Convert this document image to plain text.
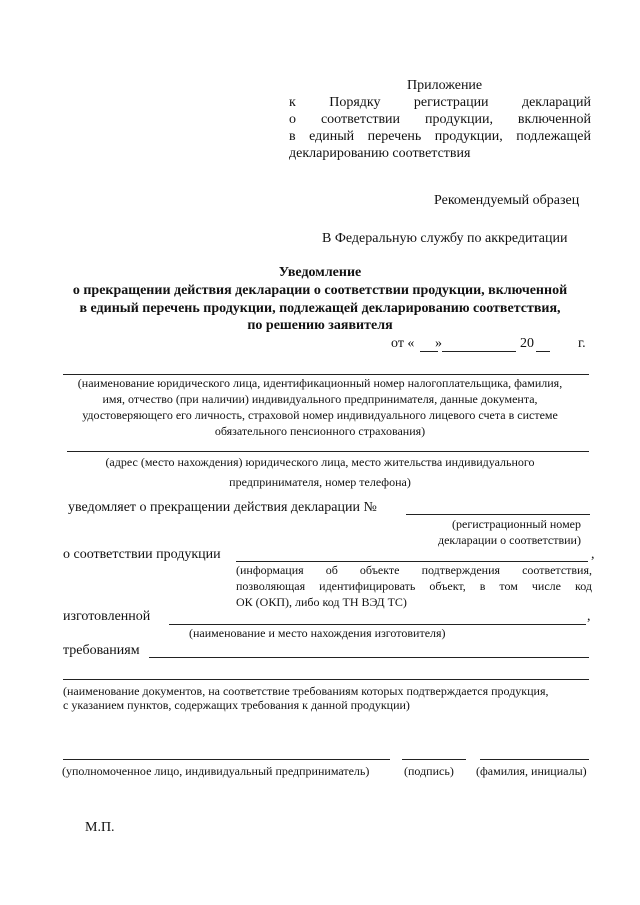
Приложение
к Порядку регистрации деклараций
о соответствии продукции, включенной
в единый перечень продукции, подлежащей
декларированию соответствия
Рекомендуемый образец
В Федеральную службу по аккредитации
Уведомление
о прекращении действия декларации о соответствии продукции, включенной
в единый перечень продукции, подлежащей декларированию соответствия,
по решению заявителя
от « »	20	г.
(наименование юридического лица, идентификационный номер налогоплательщика, фамилия,
имя, отчество (при наличии) индивидуального предпринимателя, данные документа,
удостоверяющего его личность, страховой номер индивидуального лицевого счета в системе
обязательного пенсионного страхования)
(адрес (место нахождения) юридического лица, место жительства индивидуального
предпринимателя, номер телефона)
уведомляет о прекращении действия декларации №
(регистрационный номер
декларации о соответствии)
о соответствии продукции	,
(информация об объекте подтверждения соответствия,
позволяющая идентифицировать объект, в том числе код
ОК (ОКП), либо код ТН ВЭД ТС)
изготовленной	,
(наименование и место нахождения изготовителя)
требованиям
(наименование документов, на соответствие требованиям которых подтверждается продукция,
с указанием пунктов, содержащих требования к данной продукции)
(уполномоченное лицо, индивидуальный предприниматель)	(подпись) (фамилия, инициалы)
М.П.
